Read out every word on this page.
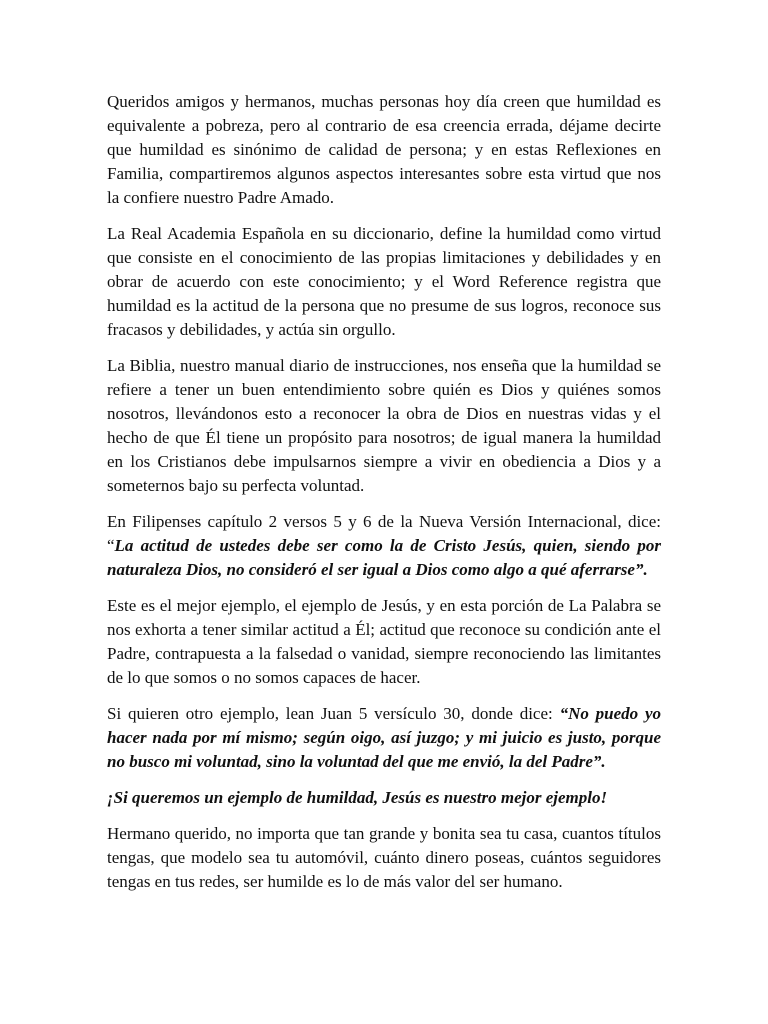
Queridos amigos y hermanos, muchas personas hoy día creen que humildad es equivalente a pobreza, pero al contrario de esa creencia errada, déjame decirte que humildad es sinónimo de calidad de persona; y en estas Reflexiones en Familia, compartiremos algunos aspectos interesantes sobre esta virtud que nos la confiere nuestro Padre Amado.

La Real Academia Española en su diccionario, define la humildad como virtud que consiste en el conocimiento de las propias limitaciones y debilidades y en obrar de acuerdo con este conocimiento; y el Word Reference registra que humildad es la actitud de la persona que no presume de sus logros, reconoce sus fracasos y debilidades, y actúa sin orgullo.

La Biblia, nuestro manual diario de instrucciones, nos enseña que la humildad se refiere a tener un buen entendimiento sobre quién es Dios y quiénes somos nosotros, llevándonos esto a reconocer la obra de Dios en nuestras vidas y el hecho de que Él tiene un propósito para nosotros; de igual manera la humildad en los Cristianos debe impulsarnos siempre a vivir en obediencia a Dios y a someternos bajo su perfecta voluntad.

En Filipenses capítulo 2 versos 5 y 6 de la Nueva Versión Internacional, dice: “La actitud de ustedes debe ser como la de Cristo Jesús, quien, siendo por naturaleza Dios, no consideró el ser igual a Dios como algo a qué aferrarse”.

Este es el mejor ejemplo, el ejemplo de Jesús, y en esta porción de La Palabra se nos exhorta a tener similar actitud a Él; actitud que reconoce su condición ante el Padre, contrapuesta a la falsedad o vanidad, siempre reconociendo las limitantes de lo que somos o no somos capaces de hacer.

Si quieren otro ejemplo, lean Juan 5 versículo 30, donde dice: “No puedo yo hacer nada por mí mismo; según oigo, así juzgo; y mi juicio es justo, porque no busco mi voluntad, sino la voluntad del que me envió, la del Padre”.

¡Si queremos un ejemplo de humildad, Jesús es nuestro mejor ejemplo!

Hermano querido, no importa que tan grande y bonita sea tu casa, cuantos títulos tengas, que modelo sea tu automóvil, cuánto dinero poseas, cuántos seguidores tengas en tus redes, ser humilde es lo de más valor del ser humano.
